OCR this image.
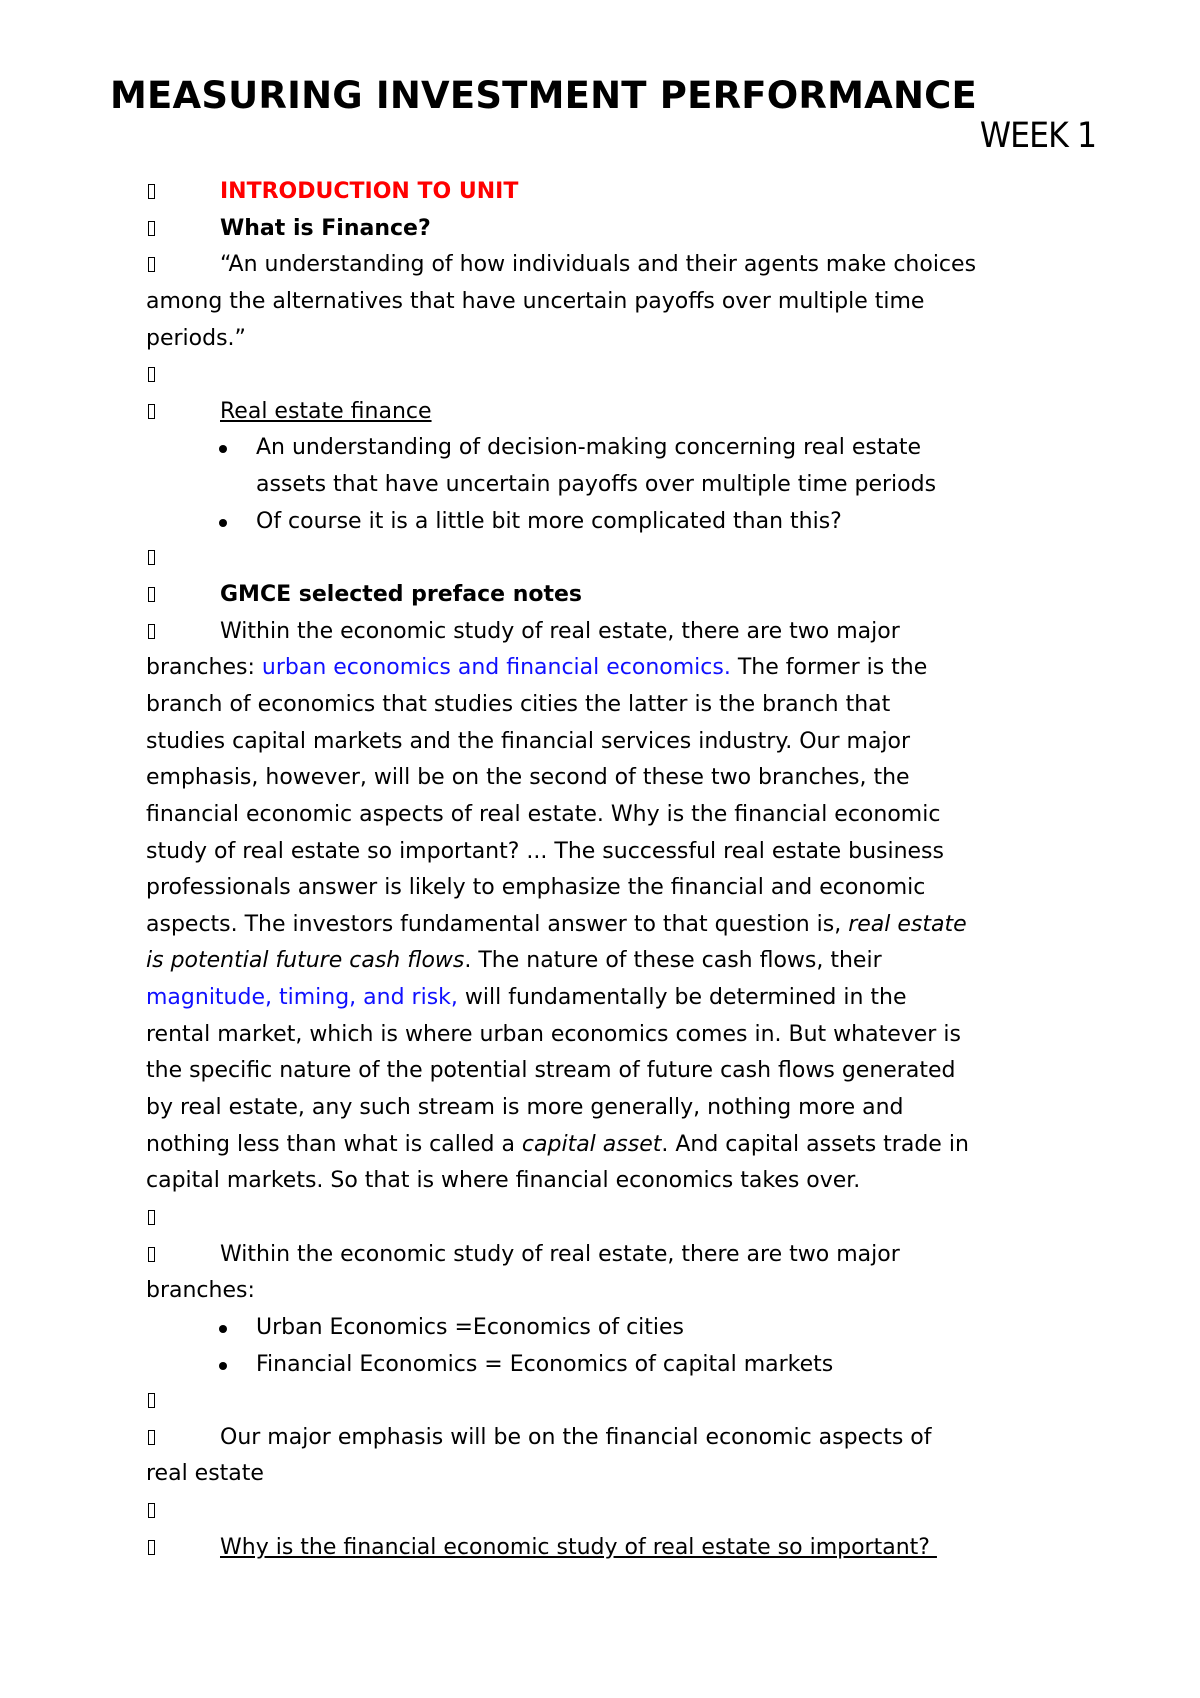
MEASURING INVESTMENT PERFORMANCE
WEEK 1
INTRODUCTION TO UNIT
What is Finance?
“An understanding of how individuals and their agents make choices
among the alternatives that have uncertain payoffs over multiple time
periods.”
Real estate finance
An understanding of decision-making concerning real estate
assets that have uncertain payoffs over multiple time periods
Of course it is a little bit more complicated than this?
GMCE selected preface notes
Within the economic study of real estate, there are two major
branches: urban economics and financial economics. The former is the
branch of economics that studies cities the latter is the branch that
studies capital markets and the financial services industry. Our major
emphasis, however, will be on the second of these two branches, the
financial economic aspects of real estate. Why is the financial economic
study of real estate so important? ... The successful real estate business
professionals answer is likely to emphasize the financial and economic
aspects. The investors fundamental answer to that question is, real estate
is potential future cash flows. The nature of these cash flows, their
magnitude, timing, and risk, will fundamentally be determined in the
rental market, which is where urban economics comes in. But whatever is
the specific nature of the potential stream of future cash flows generated
by real estate, any such stream is more generally, nothing more and
nothing less than what is called a capital asset. And capital assets trade in
capital markets. So that is where financial economics takes over.
Within the economic study of real estate, there are two major
branches:
Urban Economics =Economics of cities
Financial Economics = Economics of capital markets
Our major emphasis will be on the financial economic aspects of
real estate
Why is the financial economic study of real estate so important?
